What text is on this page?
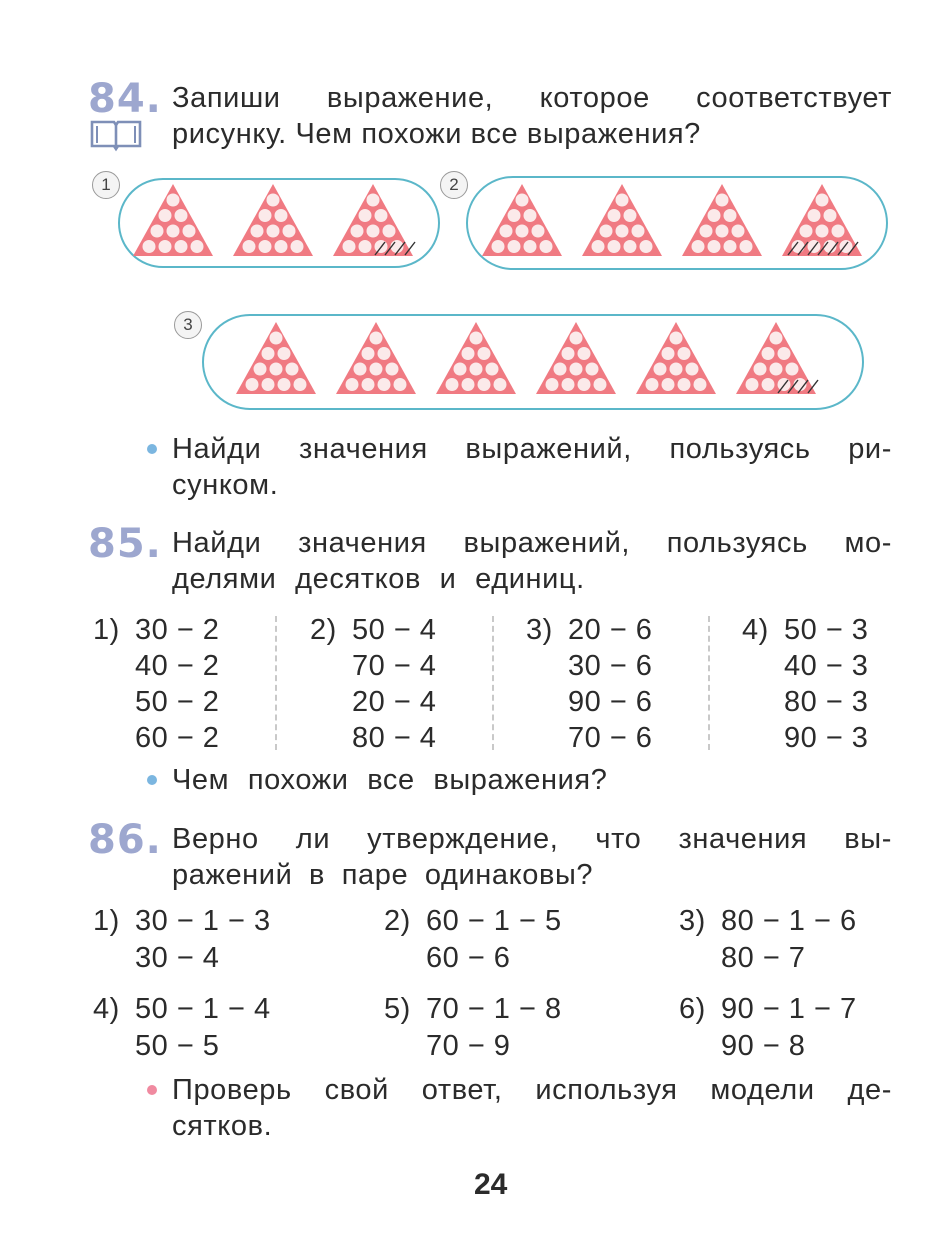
84. Запиши выражение, которое соответствует
рисунку. Чем похожи все выражения?
1	2
3
Найди значения выражений, пользуясь ри-
сунком.
85. Найди значения выражений, пользуясь мо-
делями десятков и единиц.
1) 30 − 2
40 − 2
50 − 2
60 − 2
2) 50 − 4
70 − 4
20 − 4
80 − 4
3) 20 − 6
30 − 6
90 − 6
70 − 6
4) 50 − 3
40 − 3
80 − 3
90 − 3
Чем похожи все выражения?
86. Верно ли утверждение, что значения вы-
ражений в паре одинаковы?
1) 30 − 1 − 3
30 − 4
2) 60 − 1 − 5
60 − 6
3) 80 − 1 − 6
80 − 7
4) 50 − 1 − 4
50 − 5
5) 70 − 1 − 8
70 − 9
6) 90 − 1 − 7
90 − 8
Проверь свой ответ, используя модели де-
сятков.
24
